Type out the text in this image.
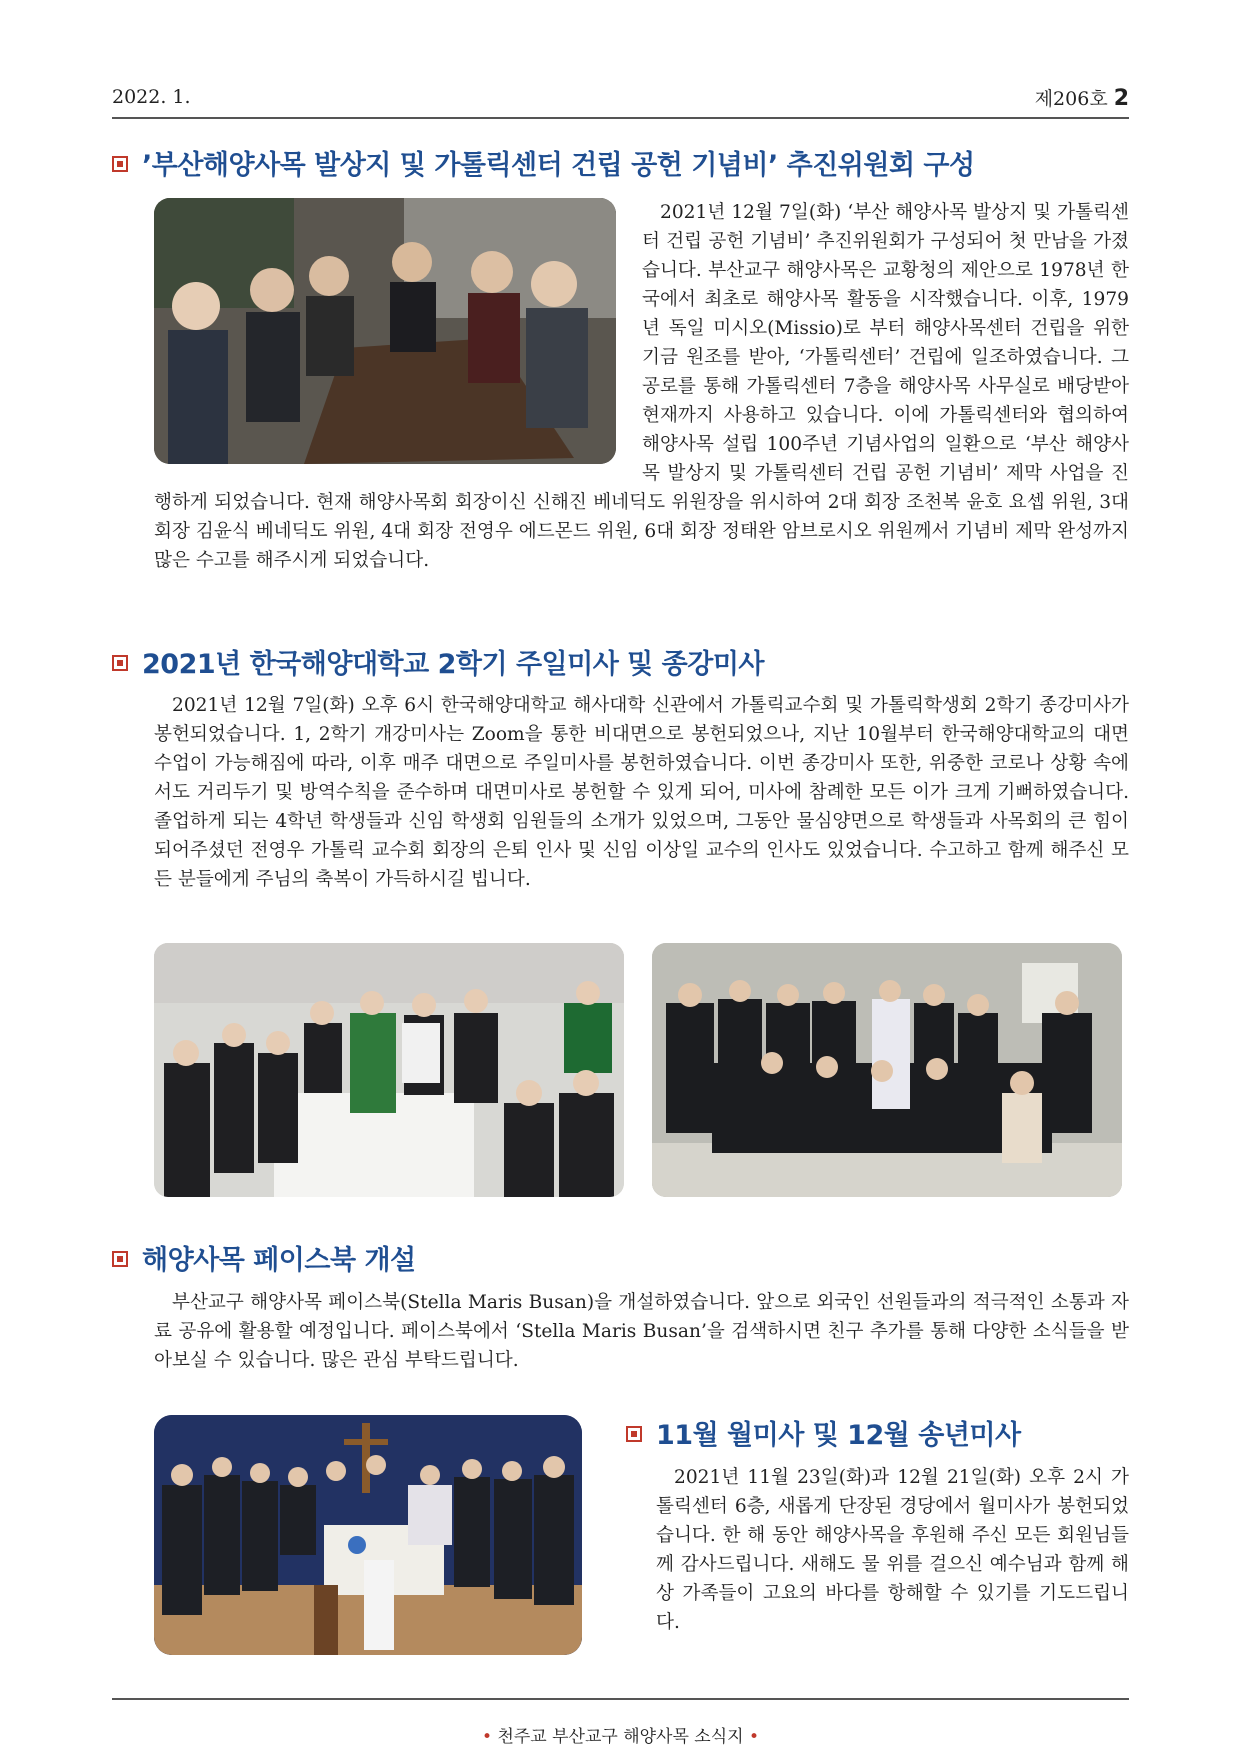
2022. 1.	제206호 2
’부산해양사목 발상지 및 가톨릭센터 건립 공헌 기념비’ 추진위원회 구성

2021년 12월 7일(화) ‘부산 해양사목 발상지 및 가톨릭센터 건립 공헌 기념비’ 추진위원회가 구성되어 첫 만남을 가졌습니다. 부산교구 해양사목은 교황청의 제안으로 1978년 한국에서 최초로 해양사목 활동을 시작했습니다. 이후, 1979년 독일 미시오(Missio)로 부터 해양사목센터 건립을 위한 기금 원조를 받아, ‘가톨릭센터’ 건립에 일조하였습니다. 그 공로를 통해 가톨릭센터 7층을 해양사목 사무실로 배당받아 현재까지 사용하고 있습니다. 이에 가톨릭센터와 협의하여 해양사목 설립 100주년 기념사업의 일환으로 ‘부산 해양사목 발상지 및 가톨릭센터 건립 공헌 기념비’ 제막 사업을 진행하게 되었습니다. 현재 해양사목회 회장이신 신해진 베네딕도 위원장을 위시하여 2대 회장 조천복 윤호 요셉 위원, 3대 회장 김윤식 베네딕도 위원, 4대 회장 전영우 에드몬드 위원, 6대 회장 정태완 암브로시오 위원께서 기념비 제막 완성까지 많은 수고를 해주시게 되었습니다.

2021년 한국해양대학교 2학기 주일미사 및 종강미사

2021년 12월 7일(화) 오후 6시 한국해양대학교 해사대학 신관에서 가톨릭교수회 및 가톨릭학생회 2학기 종강미사가 봉헌되었습니다. 1, 2학기 개강미사는 Zoom을 통한 비대면으로 봉헌되었으나, 지난 10월부터 한국해양대학교의 대면 수업이 가능해짐에 따라, 이후 매주 대면으로 주일미사를 봉헌하였습니다. 이번 종강미사 또한, 위중한 코로나 상황 속에서도 거리두기 및 방역수칙을 준수하며 대면미사로 봉헌할 수 있게 되어, 미사에 참례한 모든 이가 크게 기뻐하였습니다. 졸업하게 되는 4학년 학생들과 신임 학생회 임원들의 소개가 있었으며, 그동안 물심양면으로 학생들과 사목회의 큰 힘이 되어주셨던 전영우 가톨릭 교수회 회장의 은퇴 인사 및 신임 이상일 교수의 인사도 있었습니다. 수고하고 함께 해주신 모든 분들에게 주님의 축복이 가득하시길 빕니다.

해양사목 페이스북 개설

부산교구 해양사목 페이스북(Stella Maris Busan)을 개설하였습니다. 앞으로 외국인 선원들과의 적극적인 소통과 자료 공유에 활용할 예정입니다. 페이스북에서 ‘Stella Maris Busan’을 검색하시면 친구 추가를 통해 다양한 소식들을 받아보실 수 있습니다. 많은 관심 부탁드립니다.

11월 월미사 및 12월 송년미사

2021년 11월 23일(화)과 12월 21일(화) 오후 2시 가톨릭센터 6층, 새롭게 단장된 경당에서 월미사가 봉헌되었습니다. 한 해 동안 해양사목을 후원해 주신 모든 회원님들께 감사드립니다. 새해도 물 위를 걸으신 예수님과 함께 해상 가족들이 고요의 바다를 항해할 수 있기를 기도드립니다.

• 천주교 부산교구 해양사목 소식지 •
